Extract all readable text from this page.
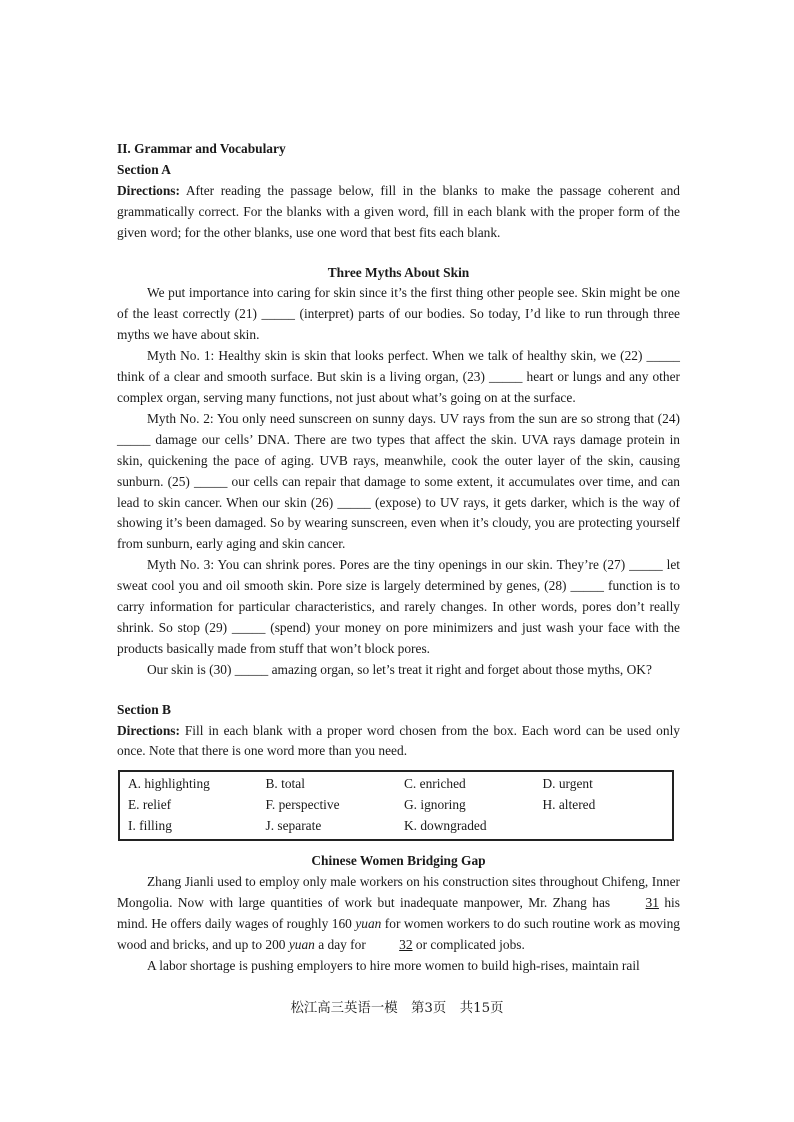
II. Grammar and Vocabulary

Section A

Directions: After reading the passage below, fill in the blanks to make the passage coherent and grammatically correct. For the blanks with a given word, fill in each blank with the proper form of the given word; for the other blanks, use one word that best fits each blank.

Three Myths About Skin

We put importance into caring for skin since it’s the first thing other people see. Skin might be one of the least correctly (21) _____ (interpret) parts of our bodies. So today, I’d like to run through three myths we have about skin.

Myth No. 1: Healthy skin is skin that looks perfect. When we talk of healthy skin, we (22) _____ think of a clear and smooth surface. But skin is a living organ, (23) _____ heart or lungs and any other complex organ, serving many functions, not just about what’s going on at the surface.

Myth No. 2: You only need sunscreen on sunny days. UV rays from the sun are so strong that (24) _____ damage our cells’ DNA. There are two types that affect the skin. UVA rays damage protein in skin, quickening the pace of aging. UVB rays, meanwhile, cook the outer layer of the skin, causing sunburn. (25) _____ our cells can repair that damage to some extent, it accumulates over time, and can lead to skin cancer. When our skin (26) _____ (expose) to UV rays, it gets darker, which is the way of showing it’s been damaged. So by wearing sunscreen, even when it’s cloudy, you are protecting yourself from sunburn, early aging and skin cancer.

Myth No. 3: You can shrink pores. Pores are the tiny openings in our skin. They’re (27) _____ let sweat cool you and oil smooth skin. Pore size is largely determined by genes, (28) _____ function is to carry information for particular characteristics, and rarely changes. In other words, pores don’t really shrink. So stop (29) _____ (spend) your money on pore minimizers and just wash your face with the products basically made from stuff that won’t block pores.

Our skin is (30) _____ amazing organ, so let’s treat it right and forget about those myths, OK?

Section B

Directions: Fill in each blank with a proper word chosen from the box. Each word can be used only once. Note that there is one word more than you need.

A. highlighting	B. total	C. enriched	D. urgent
E. relief	F. perspective	G. ignoring	H. altered
I. filling	J. separate	K. downgraded	

Chinese Women Bridging Gap

Zhang Jianli used to employ only male workers on his construction sites throughout Chifeng, Inner Mongolia. Now with large quantities of work but inadequate manpower, Mr. Zhang has 31 his mind. He offers daily wages of roughly 160 yuan for women workers to do such routine work as moving wood and bricks, and up to 200 yuan a day for 32 or complicated jobs.

A labor shortage is pushing employers to hire more women to build high-rises, maintain rail

松江高三英语一模　第3页　共15页
